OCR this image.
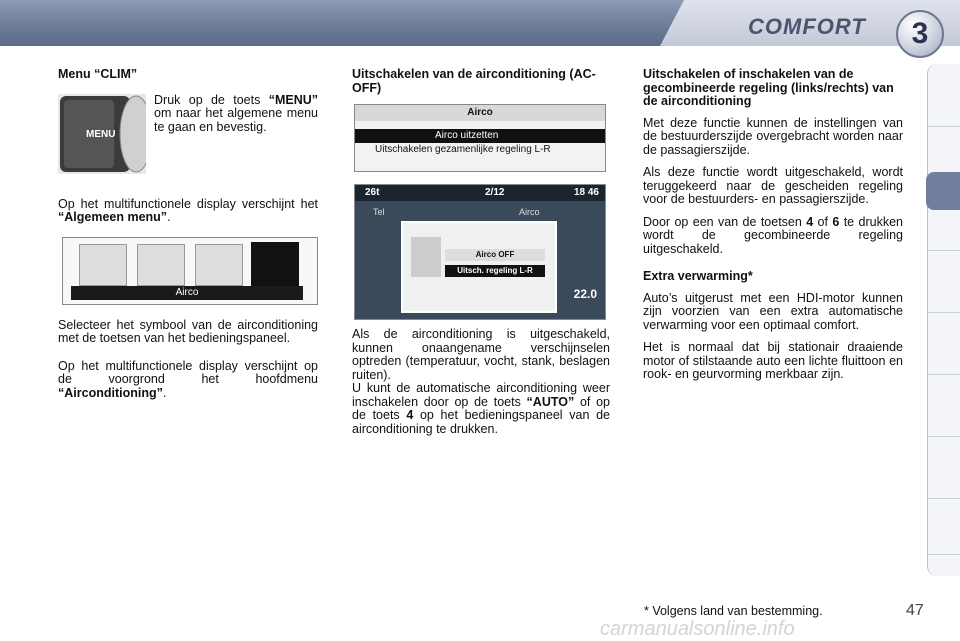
COMFORT	3
Menu “CLIM”
MENU

Druk op de toets “MENU” om naar het algemene menu te gaan en bevestig.

Op het multifunctionele display verschijnt het “Algemeen menu”.

Airco

Selecteer het symbool van de airconditioning met de toetsen van het bedieningspaneel.

Op het multifunctionele display verschijnt op de voorgrond het hoofdmenu “Airconditioning”.

Uitschakelen van de airconditioning (AC-OFF)
Airco
Airco uitzetten
Uitschakelen gezamenlijke regeling L-R
26t	2/12	18 46
Tel	Airco
Airco OFF
Uitsch. regeling L-R
22.0

Als de airconditioning is uitgeschakeld, kunnen onaangename verschijnselen optreden (temperatuur, vocht, stank, beslagen ruiten).

U kunt de automatische airconditioning weer inschakelen door op de toets “AUTO” of op de toets 4 op het bedieningspaneel van de airconditioning te drukken.

Uitschakelen of inschakelen van de gecombineerde regeling (links/rechts) van de airconditioning

Met deze functie kunnen de instellingen van de bestuurderszijde overgebracht worden naar de passagierszijde.

Als deze functie wordt uitgeschakeld, wordt teruggekeerd naar de gescheiden regeling voor de bestuurders- en passagierszijde.

Door op een van de toetsen 4 of 6 te drukken wordt de gecombineerde regeling uitgeschakeld.

Extra verwarming*

Auto’s uitgerust met een HDI-motor kunnen zijn voorzien van een extra automatische verwarming voor een optimaal comfort.

Het is normaal dat bij stationair draaiende motor of stilstaande auto een lichte fluittoon en rook- en geurvorming merkbaar zijn.

* Volgens land van bestemming.	47
carmanualsonline.info
